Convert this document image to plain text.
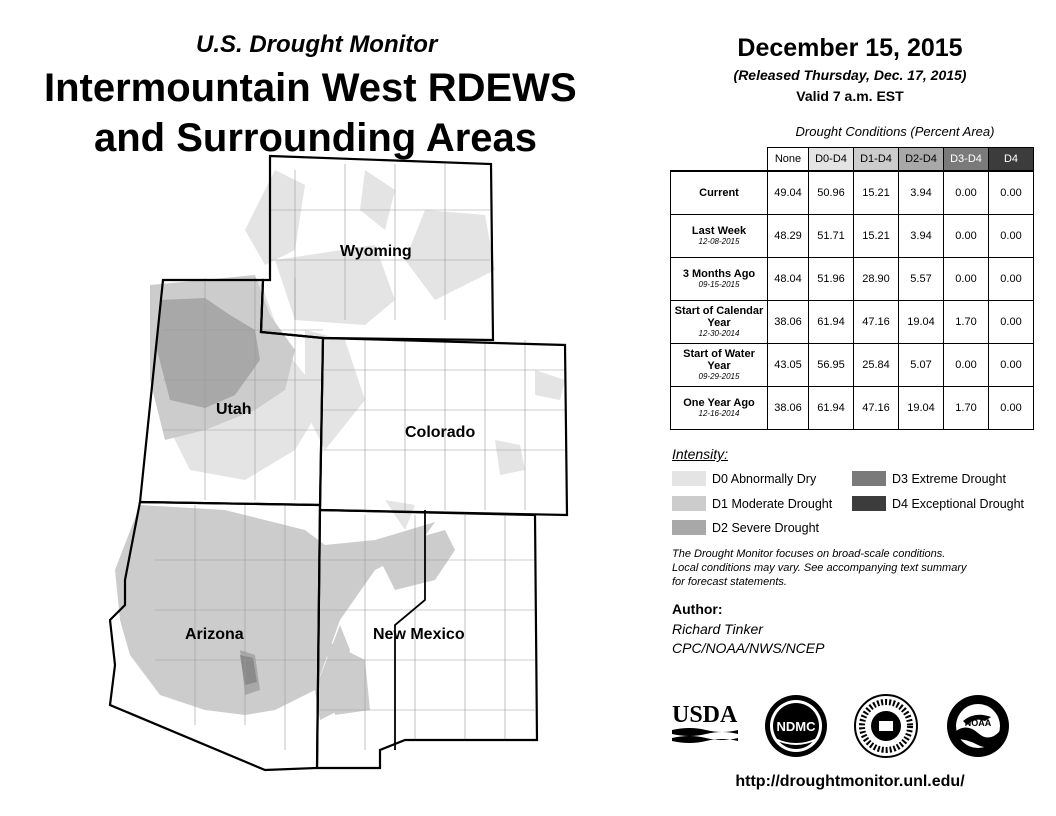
U.S. Drought Monitor
Intermountain West RDEWS
and Surrounding Areas
Wyoming
Utah
Colorado
Arizona	New Mexico
December 15, 2015
(Released Thursday, Dec. 17, 2015)
Valid 7 a.m. EST
Drought Conditions (Percent Area)
	None	D0-D4	D1-D4	D2-D4	D3-D4	D4

Current	49.04	50.96	15.21	3.94	0.00	0.00

Last Week
12-08-2015	48.29	51.71	15.21	3.94	0.00	0.00

3 Months Ago
09-15-2015	48.04	51.96	28.90	5.57	0.00	0.00

Start of Calendar Year
12-30-2014	38.06	61.94	47.16	19.04	1.70	0.00

Start of Water Year
09-29-2015	43.05	56.95	25.84	5.07	0.00	0.00

One Year Ago
12-16-2014	38.06	61.94	47.16	19.04	1.70	0.00
Intensity:
D0 Abnormally Dry
D1 Moderate Drought
D2 Severe Drought
D3 Extreme Drought
D4 Exceptional Drought
The Drought Monitor focuses on broad-scale conditions.
Local conditions may vary. See accompanying text summary
for forecast statements.
Author:
Richard Tinker
CPC/NOAA/NWS/NCEP
USDA	NDMC	NOAA
http://droughtmonitor.unl.edu/
